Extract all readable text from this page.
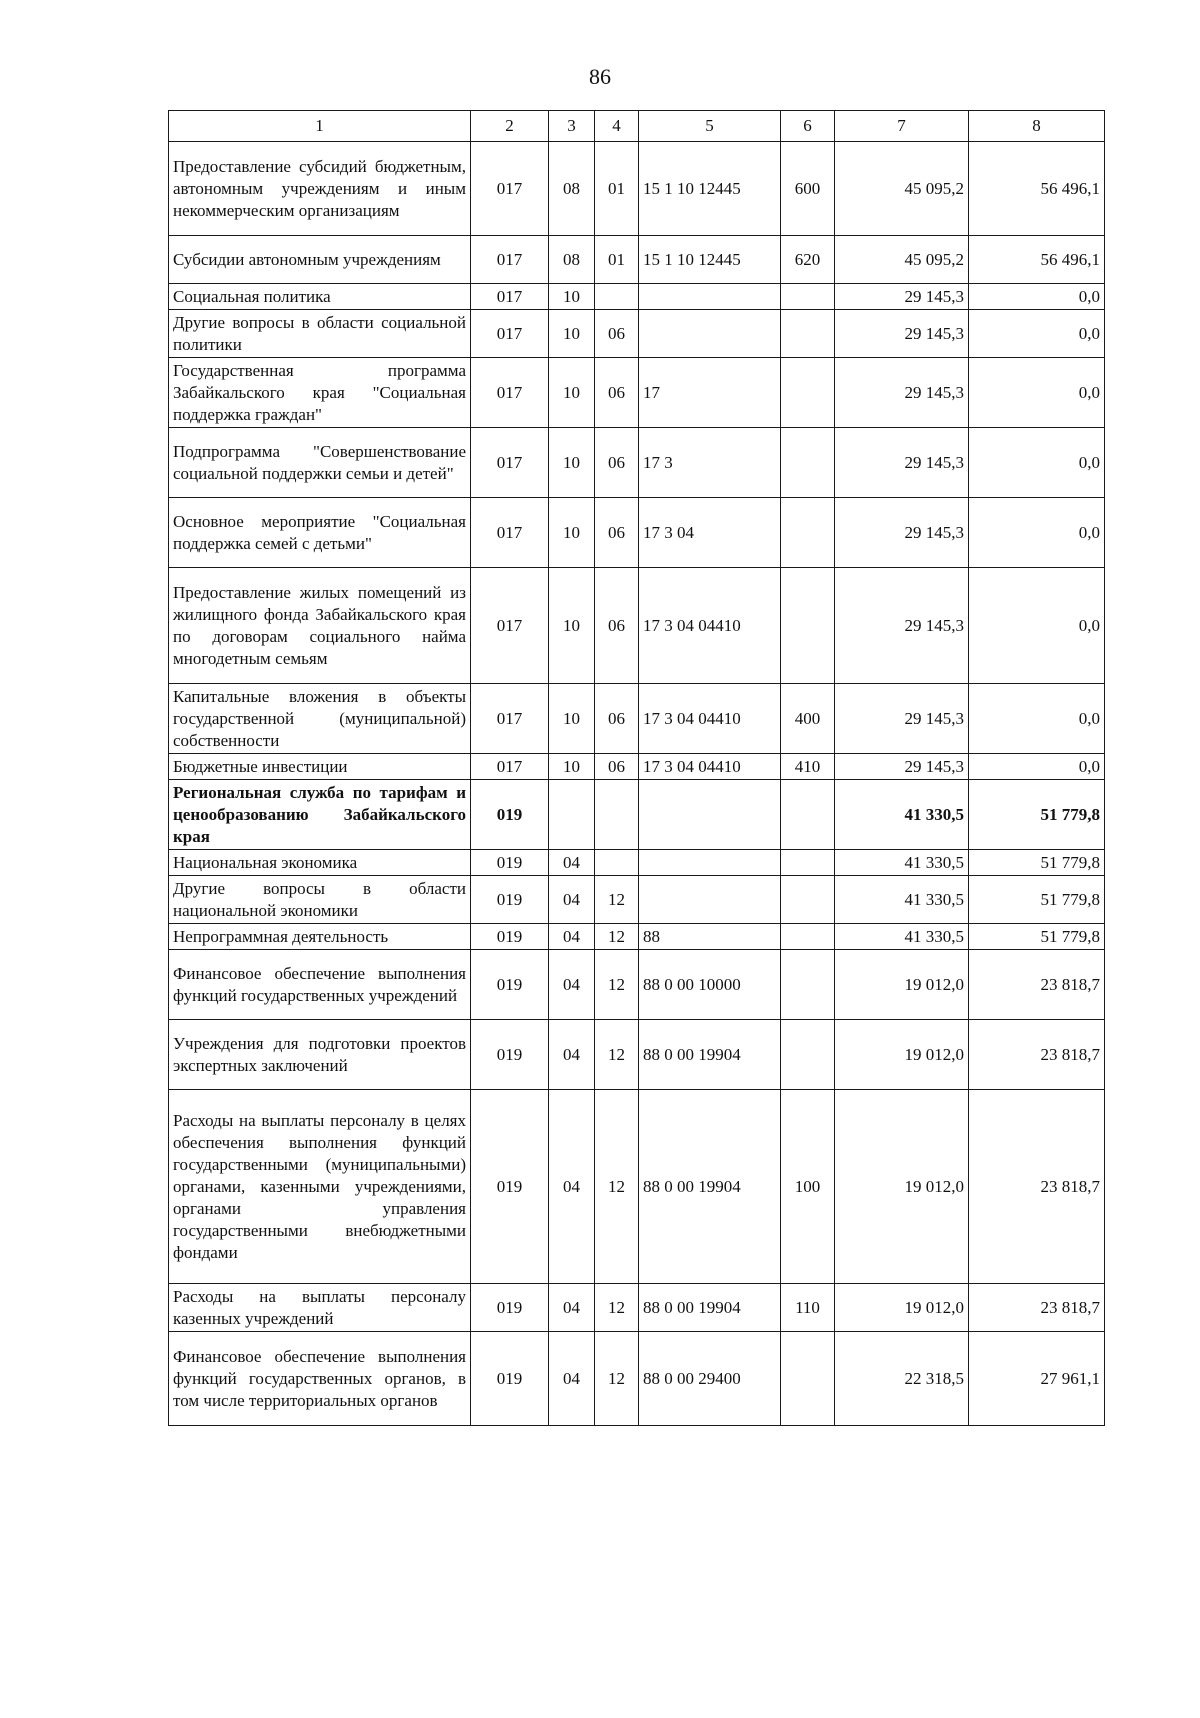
86
1	2	3	4	5	6	7	8
Предоставление субсидий бюджетным, автономным учреждениям и иным некоммерческим организациям	017	08	01	15 1 10 12445	600	45 095,2	56 496,1
Субсидии автономным учреждениям	017	08	01	15 1 10 12445	620	45 095,2	56 496,1
Социальная политика	017	10				29 145,3	0,0
Другие вопросы в области социальной политики	017	10	06			29 145,3	0,0
Государственная программа Забайкальского края "Социальная поддержка граждан"	017	10	06	17		29 145,3	0,0
Подпрограмма "Совершенствование социальной поддержки семьи и детей"	017	10	06	17 3		29 145,3	0,0
Основное мероприятие "Социальная поддержка семей с детьми"	017	10	06	17 3 04		29 145,3	0,0
Предоставление жилых помещений из жилищного фонда Забайкальского края по договорам социального найма многодетным семьям	017	10	06	17 3 04 04410		29 145,3	0,0
Капитальные вложения в объекты государственной (муниципальной) собственности	017	10	06	17 3 04 04410	400	29 145,3	0,0
Бюджетные инвестиции	017	10	06	17 3 04 04410	410	29 145,3	0,0
Региональная служба по тарифам и ценообразованию Забайкальского края	019					41 330,5	51 779,8
Национальная экономика	019	04				41 330,5	51 779,8
Другие вопросы в области национальной экономики	019	04	12			41 330,5	51 779,8
Непрограммная деятельность	019	04	12	88		41 330,5	51 779,8
Финансовое обеспечение выполнения функций государственных учреждений	019	04	12	88 0 00 10000		19 012,0	23 818,7
Учреждения для подготовки проектов экспертных заключений	019	04	12	88 0 00 19904		19 012,0	23 818,7
Расходы на выплаты персоналу в целях обеспечения выполнения функций государственными (муниципальными) органами, казенными учреждениями, органами управления государственными внебюджетными фондами	019	04	12	88 0 00 19904	100	19 012,0	23 818,7
Расходы на выплаты персоналу казенных учреждений	019	04	12	88 0 00 19904	110	19 012,0	23 818,7
Финансовое обеспечение выполнения функций государственных органов, в том числе территориальных органов	019	04	12	88 0 00 29400		22 318,5	27 961,1
